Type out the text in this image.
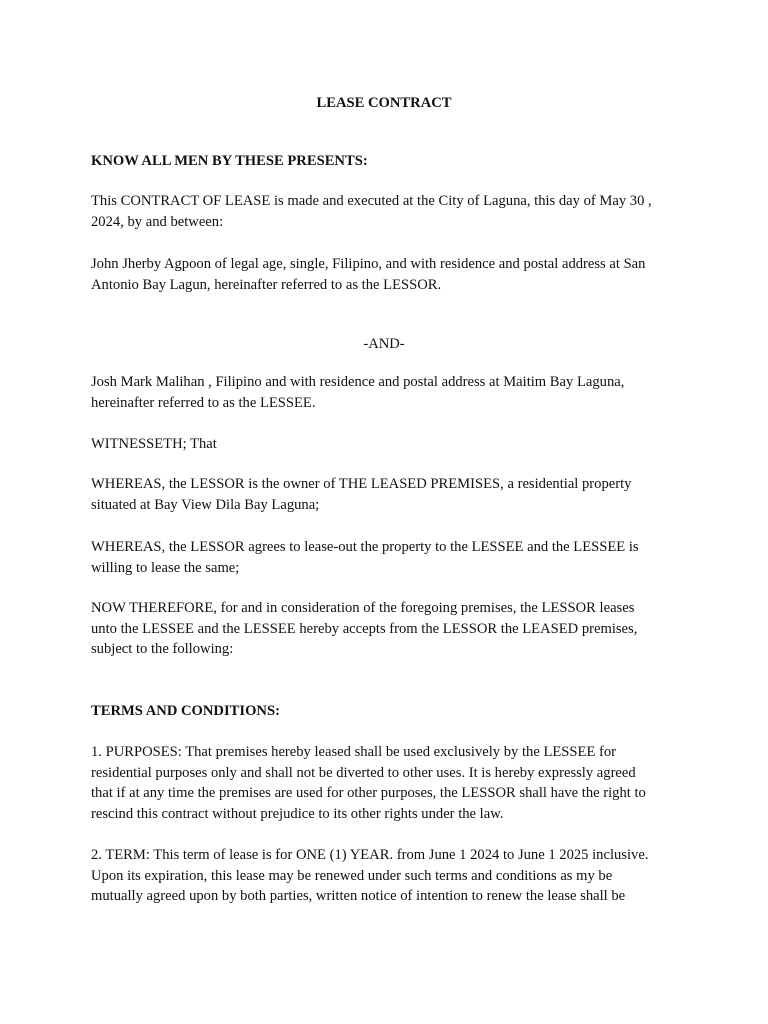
LEASE CONTRACT

KNOW ALL MEN BY THESE PRESENTS:

This CONTRACT OF LEASE is made and executed at the City of Laguna, this day of May 30 ,
2024, by and between:

John Jherby Agpoon of legal age, single, Filipino, and with residence and postal address at San
Antonio Bay Lagun, hereinafter referred to as the LESSOR.

-AND-

Josh Mark Malihan , Filipino and with residence and postal address at Maitim Bay Laguna,
hereinafter referred to as the LESSEE.

WITNESSETH; That

WHEREAS, the LESSOR is the owner of THE LEASED PREMISES, a residential property
situated at Bay View Dila Bay Laguna;

WHEREAS, the LESSOR agrees to lease-out the property to the LESSEE and the LESSEE is
willing to lease the same;

NOW THEREFORE, for and in consideration of the foregoing premises, the LESSOR leases
unto the LESSEE and the LESSEE hereby accepts from the LESSOR the LEASED premises,
subject to the following:

TERMS AND CONDITIONS:

1. PURPOSES: That premises hereby leased shall be used exclusively by the LESSEE for
residential purposes only and shall not be diverted to other uses. It is hereby expressly agreed
that if at any time the premises are used for other purposes, the LESSOR shall have the right to
rescind this contract without prejudice to its other rights under the law.

2. TERM: This term of lease is for ONE (1) YEAR. from June 1 2024 to June 1 2025 inclusive.
Upon its expiration, this lease may be renewed under such terms and conditions as my be
mutually agreed upon by both parties, written notice of intention to renew the lease shall be
